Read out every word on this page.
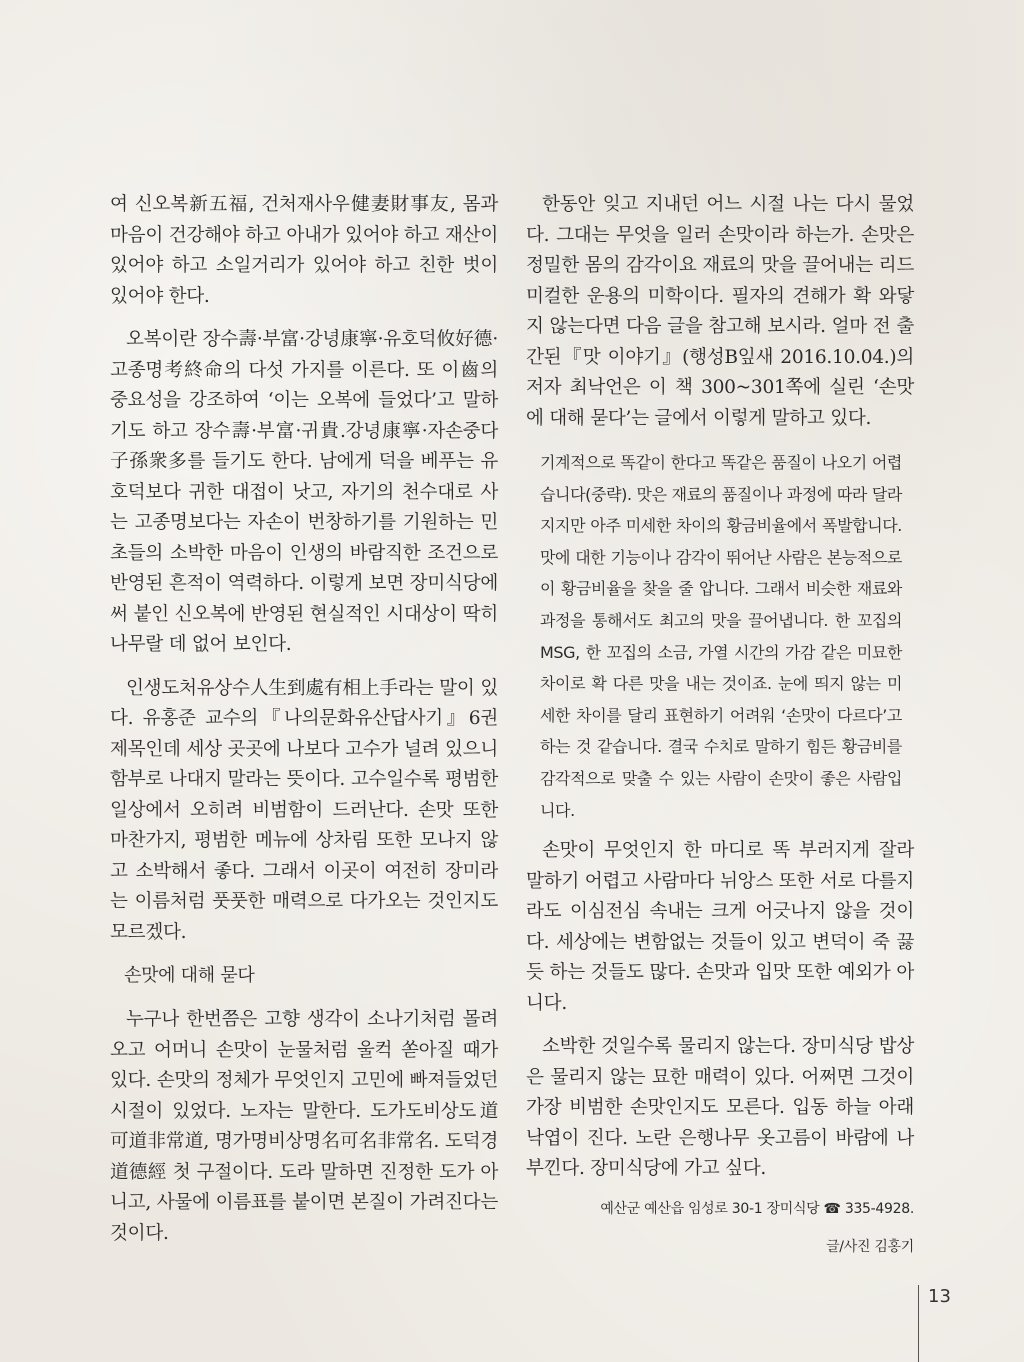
여 신오복新五福, 건처재사우健妻財事友, 몸과 마음이 건강해야 하고 아내가 있어야 하고 재산이 있어야 하고 소일거리가 있어야 하고 친한 벗이 있어야 한다.

오복이란 장수壽·부富·강녕康寧·유호덕攸好德·고종명考終命의 다섯 가지를 이른다. 또 이齒의 중요성을 강조하여 ‘이는 오복에 들었다’고 말하기도 하고 장수壽·부富·귀貴.강녕康寧·자손중다子孫衆多를 들기도 한다. 남에게 덕을 베푸는 유호덕보다 귀한 대접이 낫고, 자기의 천수대로 사는 고종명보다는 자손이 번창하기를 기원하는 민초들의 소박한 마음이 인생의 바람직한 조건으로 반영된 흔적이 역력하다. 이렇게 보면 장미식당에 써 붙인 신오복에 반영된 현실적인 시대상이 딱히 나무랄 데 없어 보인다.

인생도처유상수人生到處有相上手라는 말이 있다. 유홍준 교수의『나의문화유산답사기』6권 제목인데 세상 곳곳에 나보다 고수가 널려 있으니 함부로 나대지 말라는 뜻이다. 고수일수록 평범한 일상에서 오히려 비범함이 드러난다. 손맛 또한 마찬가지, 평범한 메뉴에 상차림 또한 모나지 않고 소박해서 좋다. 그래서 이곳이 여전히 장미라는 이름처럼 풋풋한 매력으로 다가오는 것인지도 모르겠다.

손맛에 대해 묻다

누구나 한번쯤은 고향 생각이 소나기처럼 몰려오고 어머니 손맛이 눈물처럼 울컥 쏟아질 때가 있다. 손맛의 정체가 무엇인지 고민에 빠져들었던 시절이 있었다. 노자는 말한다. 도가도비상도道可道非常道, 명가명비상명名可名非常名. 도덕경道德經 첫 구절이다. 도라 말하면 진정한 도가 아니고, 사물에 이름표를 붙이면 본질이 가려진다는 것이다.

한동안 잊고 지내던 어느 시절 나는 다시 물었다. 그대는 무엇을 일러 손맛이라 하는가. 손맛은 정밀한 몸의 감각이요 재료의 맛을 끌어내는 리드미컬한 운용의 미학이다. 필자의 견해가 확 와닿지 않는다면 다음 글을 참고해 보시라. 얼마 전 출간된『맛 이야기』(행성B잎새 2016.10.04.)의 저자 최낙언은 이 책 300~301쪽에 실린 ‘손맛에 대해 묻다’는 글에서 이렇게 말하고 있다.

기계적으로 똑같이 한다고 똑같은 품질이 나오기 어렵습니다(중략). 맛은 재료의 품질이나 과정에 따라 달라지지만 아주 미세한 차이의 황금비율에서 폭발합니다. 맛에 대한 기능이나 감각이 뛰어난 사람은 본능적으로 이 황금비율을 찾을 줄 압니다. 그래서 비슷한 재료와 과정을 통해서도 최고의 맛을 끌어냅니다. 한 꼬집의 MSG, 한 꼬집의 소금, 가열 시간의 가감 같은 미묘한 차이로 확 다른 맛을 내는 것이죠. 눈에 띄지 않는 미세한 차이를 달리 표현하기 어려워 ‘손맛이 다르다’고 하는 것 같습니다. 결국 수치로 말하기 힘든 황금비를 감각적으로 맞출 수 있는 사람이 손맛이 좋은 사람입니다.

손맛이 무엇인지 한 마디로 똑 부러지게 잘라 말하기 어렵고 사람마다 뉘앙스 또한 서로 다를지라도 이심전심 속내는 크게 어긋나지 않을 것이다. 세상에는 변함없는 것들이 있고 변덕이 죽 끓듯 하는 것들도 많다. 손맛과 입맛 또한 예외가 아니다.

소박한 것일수록 물리지 않는다. 장미식당 밥상은 물리지 않는 묘한 매력이 있다. 어쩌면 그것이 가장 비범한 손맛인지도 모른다. 입동 하늘 아래 낙엽이 진다. 노란 은행나무 옷고름이 바람에 나부낀다. 장미식당에 가고 싶다.

예산군 예산읍 임성로 30-1 장미식당 ☎ 335-4928.
글/사진 김홍기
13
